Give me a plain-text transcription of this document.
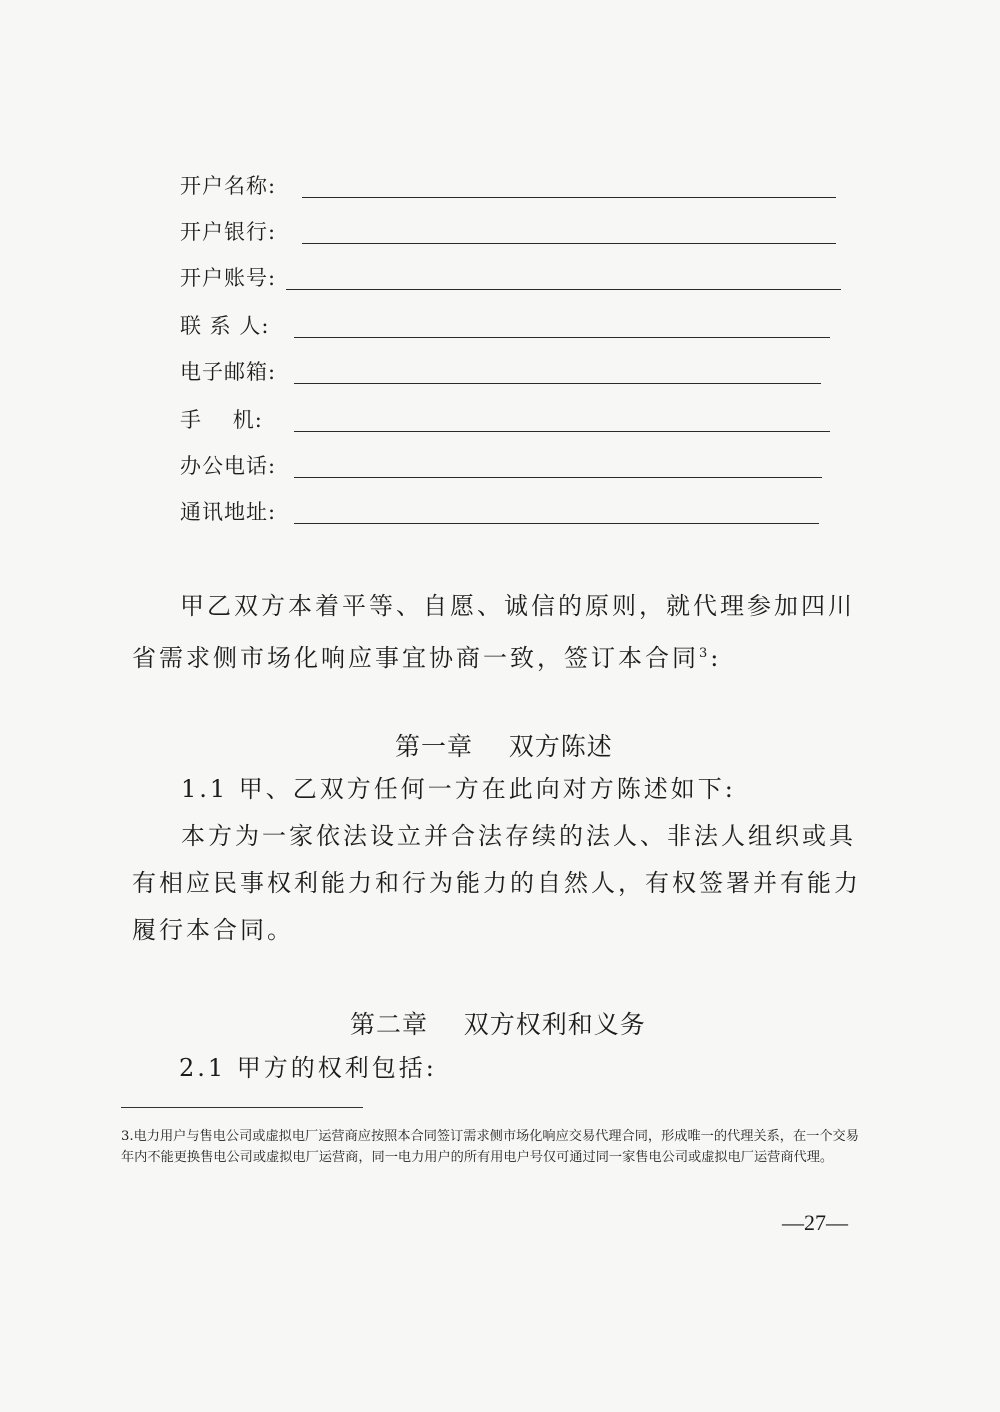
开户名称:
开户银行:
开户账号:
联 系 人:
电子邮箱:
手    机:
办公电话:
通讯地址:
甲乙双方本着平等、自愿、诚信的原则，就代理参加四川
省需求侧市场化响应事宜协商一致，签订本合同$^3$:
第一章    双方陈述
1.1 甲、乙双方任何一方在此向对方陈述如下:
本方为一家依法设立并合法存续的法人、非法人组织或具
有相应民事权利能力和行为能力的自然人，有权签署并有能力
履行本合同。
第二章    双方权利和义务
2.1 甲方的权利包括:
3.电力用户与售电公司或虚拟电厂运营商应按照本合同签订需求侧市场化响应交易代理合同，形成唯一的代理关系，在一个交易年内不能更换售电公司或虚拟电厂运营商，同一电力用户的所有用电户号仅可通过同一家售电公司或虚拟电厂运营商代理。
—27—
